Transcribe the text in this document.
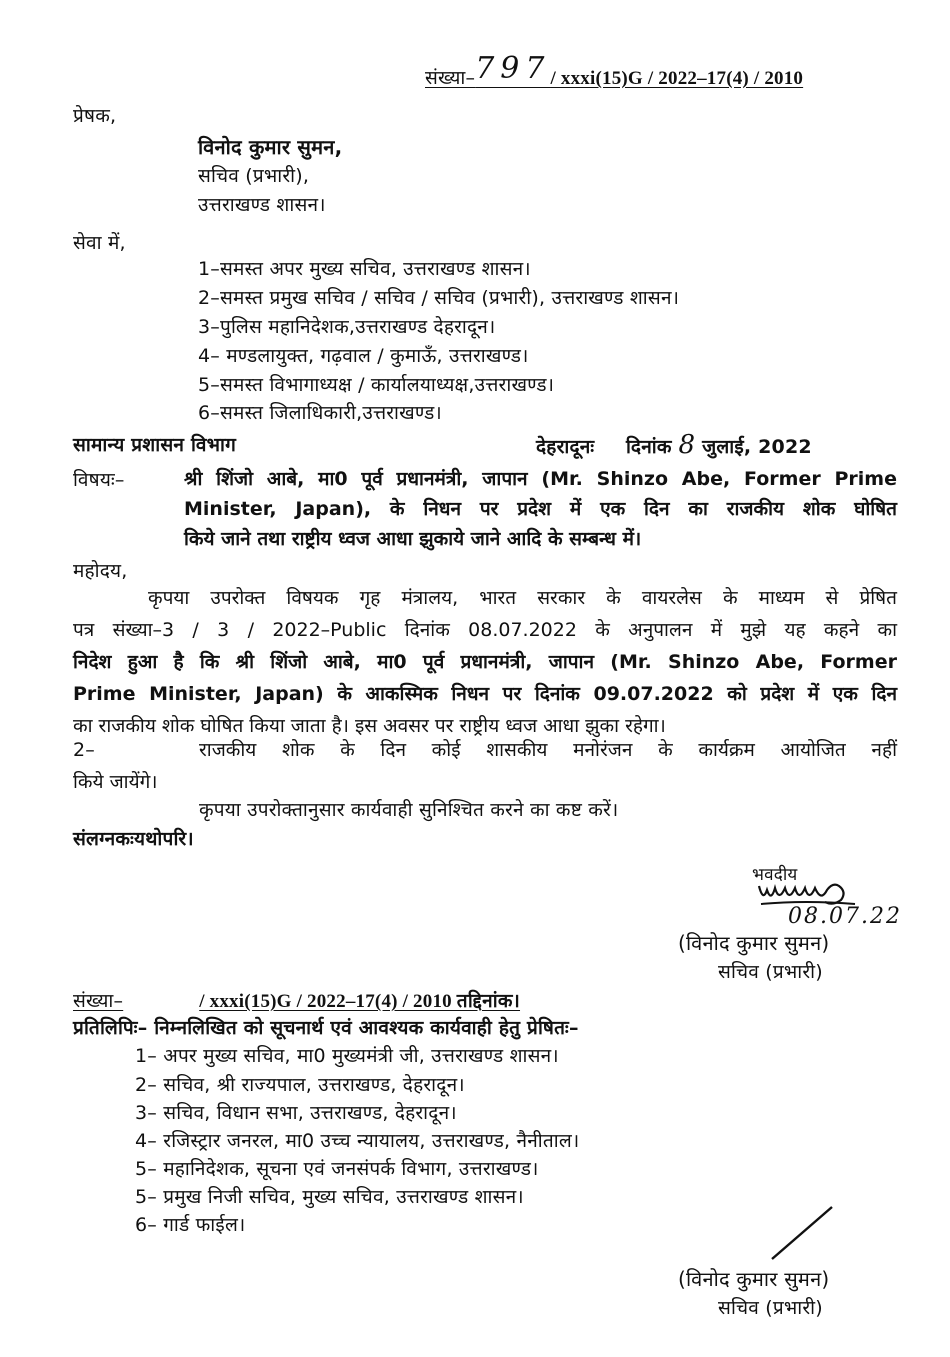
संख्या–797/ xxxi(15)G / 2022–17(4) / 2010
प्रेषक,
विनोद कुमार सुमन,
सचिव (प्रभारी),
उत्तराखण्ड शासन।
सेवा में,
1–समस्त अपर मुख्य सचिव, उत्तराखण्ड शासन।
2–समस्त प्रमुख सचिव / सचिव / सचिव (प्रभारी), उत्तराखण्ड शासन।
3–पुलिस महानिदेशक,उत्तराखण्ड देहरादून।
4– मण्डलायुक्त, गढ़वाल / कुमाऊँ, उत्तराखण्ड।
5–समस्त विभागाध्यक्ष / कार्यालयाध्यक्ष,उत्तराखण्ड।
6–समस्त जिलाधिकारी,उत्तराखण्ड।
सामान्य प्रशासन विभाग	देहरादूनः दिनांक 8 जुलाई, 2022
विषयः–	श्री शिंजो आबे, मा0 पूर्व प्रधानमंत्री, जापान (Mr. Shinzo Abe, Former Prime
Minister, Japan), के निधन पर प्रदेश में एक दिन का राजकीय शोक घोषित
किये जाने तथा राष्ट्रीय ध्वज आधा झुकाये जाने आदि के सम्बन्ध में।
महोदय,
कृपया उपरोक्त विषयक गृह मंत्रालय, भारत सरकार के वायरलेस के माध्यम से प्रेषित
पत्र संख्या–3 / 3 / 2022–Public दिनांक 08.07.2022 के अनुपालन में मुझे यह कहने का
निदेश हुआ है कि श्री शिंजो आबे, मा0 पूर्व प्रधानमंत्री, जापान (Mr. Shinzo Abe, Former
Prime Minister, Japan) के आकस्मिक निधन पर दिनांक 09.07.2022 को प्रदेश में एक दिन
का राजकीय शोक घोषित किया जाता है। इस अवसर पर राष्ट्रीय ध्वज आधा झुका रहेगा।
2–	राजकीय शोक के दिन कोई शासकीय मनोरंजन के कार्यक्रम आयोजित नहीं
किये जायेंगे।
कृपया उपरोक्तानुसार कार्यवाही सुनिश्चित करने का कष्ट करें।
संलग्नकःयथोपरि।
भवदीय
08.07.22
(विनोद कुमार सुमन)
सचिव (प्रभारी)
संख्या–	/ xxxi(15)G / 2022–17(4) / 2010 तद्दिनांक।
प्रतिलिपिः– निम्नलिखित को सूचनार्थ एवं आवश्यक कार्यवाही हेतु प्रेषितः–
1– अपर मुख्य सचिव, मा0 मुख्यमंत्री जी, उत्तराखण्ड शासन।
2– सचिव, श्री राज्यपाल, उत्तराखण्ड, देहरादून।
3– सचिव, विधान सभा, उत्तराखण्ड, देहरादून।
4– रजिस्ट्रार जनरल, मा0 उच्च न्यायालय, उत्तराखण्ड, नैनीताल।
5– महानिदेशक, सूचना एवं जनसंपर्क विभाग, उत्तराखण्ड।
5– प्रमुख निजी सचिव, मुख्य सचिव, उत्तराखण्ड शासन।
6– गार्ड फाईल।
(विनोद कुमार सुमन)
सचिव (प्रभारी)
